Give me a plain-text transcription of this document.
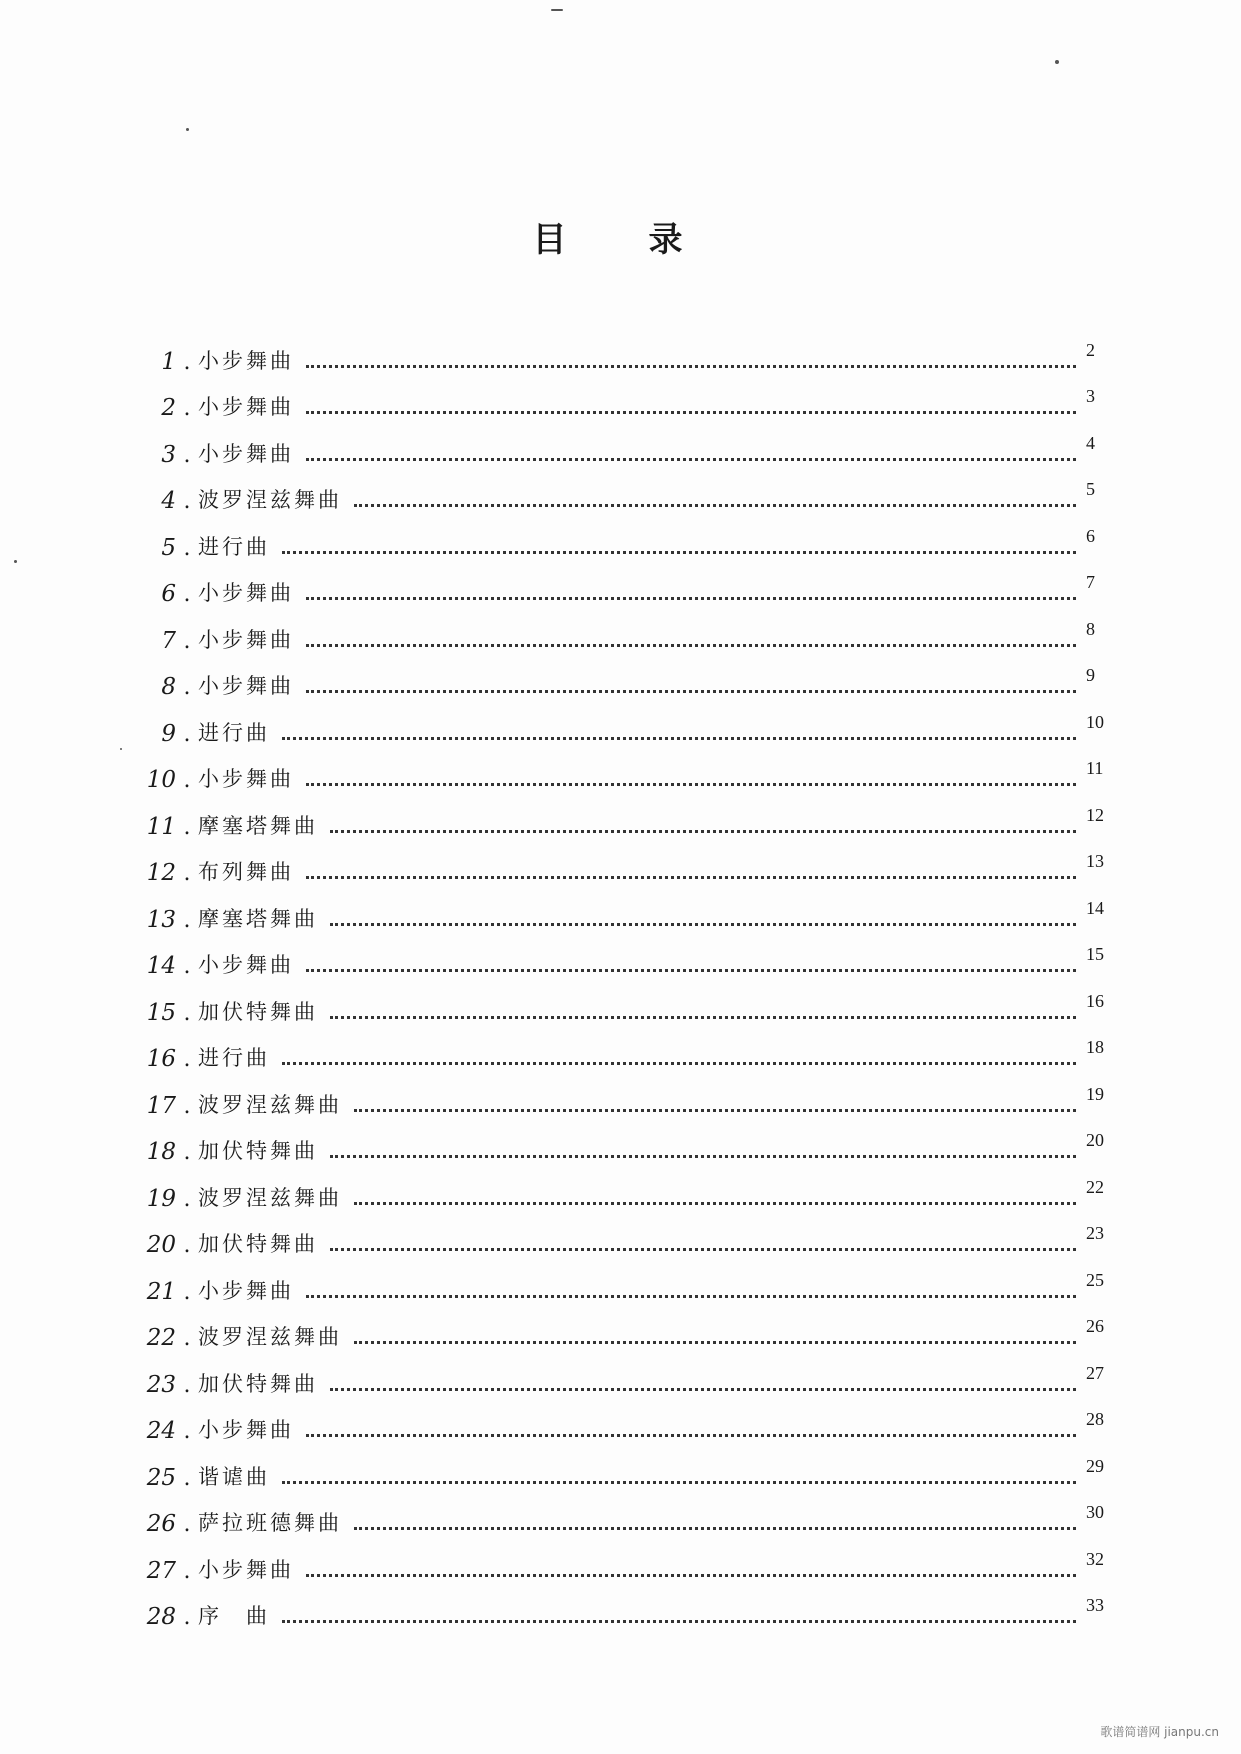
目 录
1 . 小步舞曲	2
2 . 小步舞曲	3
3 . 小步舞曲	4
4 . 波罗涅兹舞曲	5
5 . 进行曲	6
6 . 小步舞曲	7
7 . 小步舞曲	8
8 . 小步舞曲	9
9 . 进行曲	10
10 . 小步舞曲	11
11 . 摩塞塔舞曲	12
12 . 布列舞曲	13
13 . 摩塞塔舞曲	14
14 . 小步舞曲	15
15 . 加伏特舞曲	16
16 . 进行曲	18
17 . 波罗涅兹舞曲	19
18 . 加伏特舞曲	20
19 . 波罗涅兹舞曲	22
20 . 加伏特舞曲	23
21 . 小步舞曲	25
22 . 波罗涅兹舞曲	26
23 . 加伏特舞曲	27
24 . 小步舞曲	28
25 . 谐谑曲	29
26 . 萨拉班德舞曲	30
27 . 小步舞曲	32
28 . 序　曲	33
歌谱简谱网 jianpu.cn
